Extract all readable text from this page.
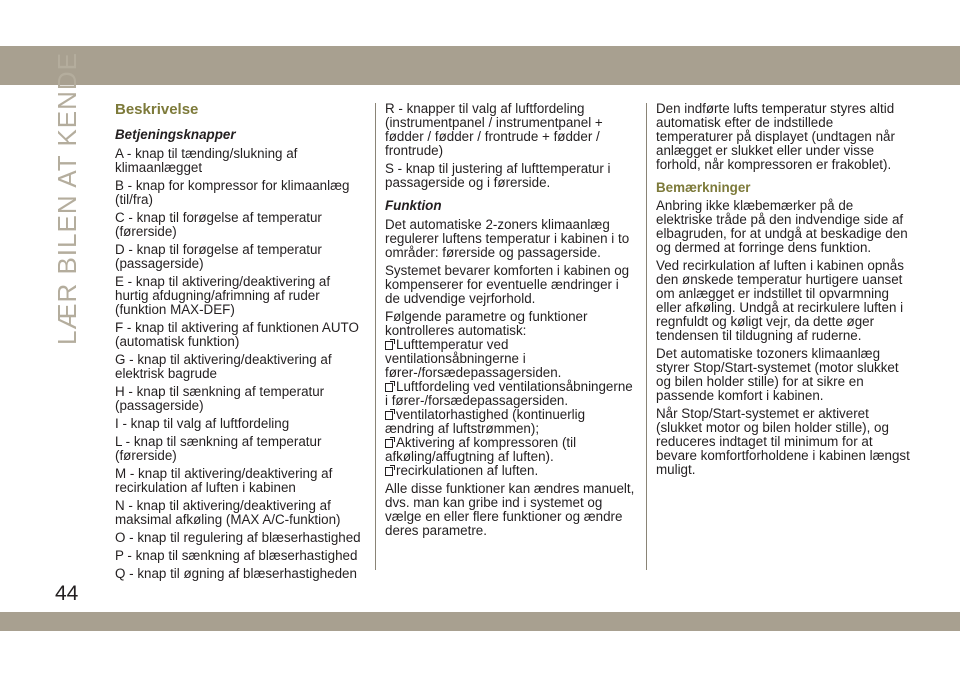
LÆR BILEN AT KENDE Beskrivelse
Betjeningsknapper

A - knap til tænding/slukning af klimaanlægget

B - knap for kompressor for klimaanlæg (til/fra)

C - knap til forøgelse af temperatur (førerside)

D - knap til forøgelse af temperatur (passagerside)

E - knap til aktivering/deaktivering af hurtig afdugning/afrimning af ruder (funktion MAX-DEF)

F - knap til aktivering af funktionen AUTO (automatisk funktion)

G - knap til aktivering/deaktivering af elektrisk bagrude

H - knap til sænkning af temperatur (passagerside)

I - knap til valg af luftfordeling

L - knap til sænkning af temperatur (førerside)

M - knap til aktivering/deaktivering af recirkulation af luften i kabinen

N - knap til aktivering/deaktivering af maksimal afkøling (MAX A/C-funktion)

O - knap til regulering af blæserhastighed

P - knap til sænkning af blæserhastighed

Q - knap til øgning af blæserhastigheden

R - knapper til valg af luftfordeling (instrumentpanel / instrumentpanel + fødder / fødder / frontrude + fødder / frontrude)

S - knap til justering af lufttemperatur i passagerside og i førerside.

Funktion

Det automatiske 2-zoners klimaanlæg regulerer luftens temperatur i kabinen i to områder: førerside og passagerside.

Systemet bevarer komforten i kabinen og kompenserer for eventuelle ændringer i de udvendige vejrforhold.

Følgende parametre og funktioner kontrolleres automatisk:

Lufttemperatur ved ventilationsåbningerne i fører-/forsædepassagersiden.

Luftfordeling ved ventilationsåbningerne i fører-/forsædepassagersiden.

ventilatorhastighed (kontinuerlig ændring af luftstrømmen);

Aktivering af kompressoren (til afkøling/affugtning af luften).

recirkulationen af luften.

Alle disse funktioner kan ændres manuelt, dvs. man kan gribe ind i systemet og vælge en eller flere funktioner og ændre deres parametre.

Den indførte lufts temperatur styres altid automatisk efter de indstillede temperaturer på displayet (undtagen når anlægget er slukket eller under visse forhold, når kompressoren er frakoblet).

Bemærkninger

Anbring ikke klæbemærker på de elektriske tråde på den indvendige side af elbagruden, for at undgå at beskadige den og dermed at forringe dens funktion.

Ved recirkulation af luften i kabinen opnås den ønskede temperatur hurtigere uanset om anlægget er indstillet til opvarmning eller afkøling. Undgå at recirkulere luften i regnfuldt og køligt vejr, da dette øger tendensen til tildugning af ruderne.

Det automatiske tozoners klimaanlæg styrer Stop/Start-systemet (motor slukket og bilen holder stille) for at sikre en passende komfort i kabinen.

Når Stop/Start-systemet er aktiveret (slukket motor og bilen holder stille), og reduceres indtaget til minimum for at bevare komfortforholdene i kabinen længst muligt.

44
